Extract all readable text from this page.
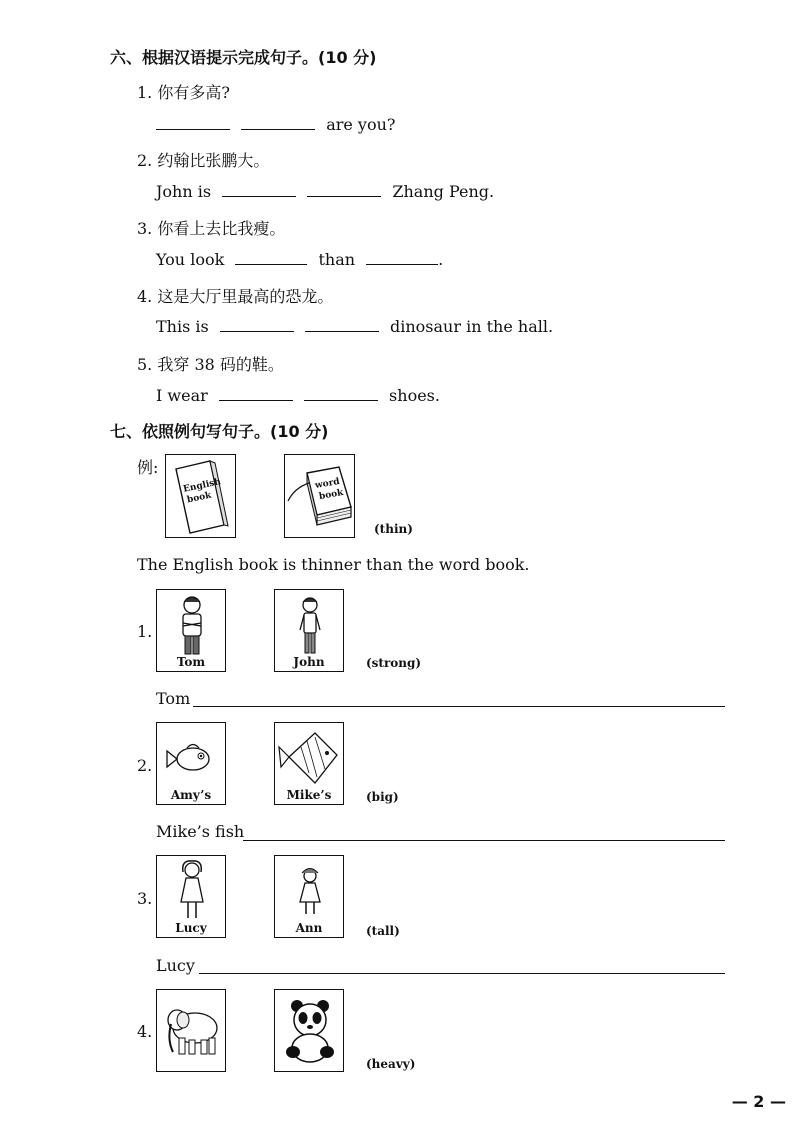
六、根据汉语提示完成句子。(10 分)
1. 你有多高?
are you?
2. 约翰比张鹏大。
John is	Zhang Peng.
3. 你看上去比我瘦。
You look	than	.
4. 这是大厅里最高的恐龙。
This is	dinosaur in the hall.
5. 我穿 38 码的鞋。
I wear	shoes.
七、依照例句写句子。(10 分)
例:
English
book
word
book
(thin)
The English book is thinner than the word book.
1.
Tom	John	(strong)
Tom
2.
Amy’s	Mike’s	(big)
Mike’s fish
3.
Lucy	Ann	(tall)
Lucy
4.
(heavy)
— 2 —
